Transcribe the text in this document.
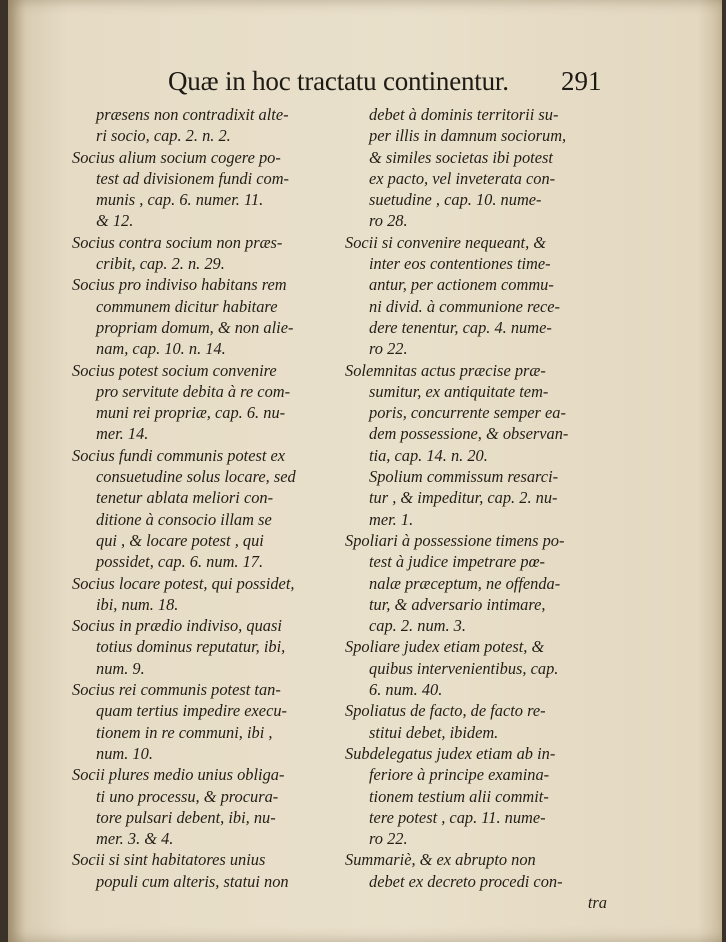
Quæ in hoc tractatu continentur. 291
præsens non contradixit alte-
ri socio, cap. 2. n. 2.
Socius alium socium cogere po-
test ad divisionem fundi com-
munis , cap. 6. numer. 11.
& 12.
Socius contra socium non præs-
cribit, cap. 2. n. 29.
Socius pro indiviso habitans rem
communem dicitur habitare
propriam domum, & non alie-
nam, cap. 10. n. 14.
Socius potest socium convenire
pro servitute debita à re com-
muni rei propriæ, cap. 6. nu-
mer. 14.
Socius fundi communis potest ex
consuetudine solus locare, sed
tenetur ablata meliori con-
ditione à consocio illam se
qui , & locare potest , qui
possidet, cap. 6. num. 17.
Socius locare potest, qui possidet,
ibi, num. 18.
Socius in prædio indiviso, quasi
totius dominus reputatur, ibi,
num. 9.
Socius rei communis potest tan-
quam tertius impedire execu-
tionem in re communi, ibi ,
num. 10.
Socii plures medio unius obliga-
ti uno processu, & procura-
tore pulsari debent, ibi, nu-
mer. 3. & 4.
Socii si sint habitatores unius
populi cum alteris, statui non
debet à dominis territorii su-
per illis in damnum sociorum,
& similes societas ibi potest
ex pacto, vel inveterata con-
suetudine , cap. 10. nume-
ro 28.
Socii si convenire nequeant, &
inter eos contentiones time-
antur, per actionem commu-
ni divid. à communione rece-
dere tenentur, cap. 4. nume-
ro 22.
Solemnitas actus præcise præ-
sumitur, ex antiquitate tem-
poris, concurrente semper ea-
dem possessione, & observan-
tia, cap. 14. n. 20.
Spolium commissum resarci-
tur , & impeditur, cap. 2. nu-
mer. 1.
Spoliari à possessione timens po-
test à judice impetrare pœ-
nalæ præceptum, ne offenda-
tur, & adversario intimare,
cap. 2. num. 3.
Spoliare judex etiam potest, &
quibus intervenientibus, cap.
6. num. 40.
Spoliatus de facto, de facto re-
stitui debet, ibidem.
Subdelegatus judex etiam ab in-
feriore à principe examina-
tionem testium alii commit-
tere potest , cap. 11. nume-
ro 22.
Summariè, & ex abrupto non
debet ex decreto procedi con-
tra
